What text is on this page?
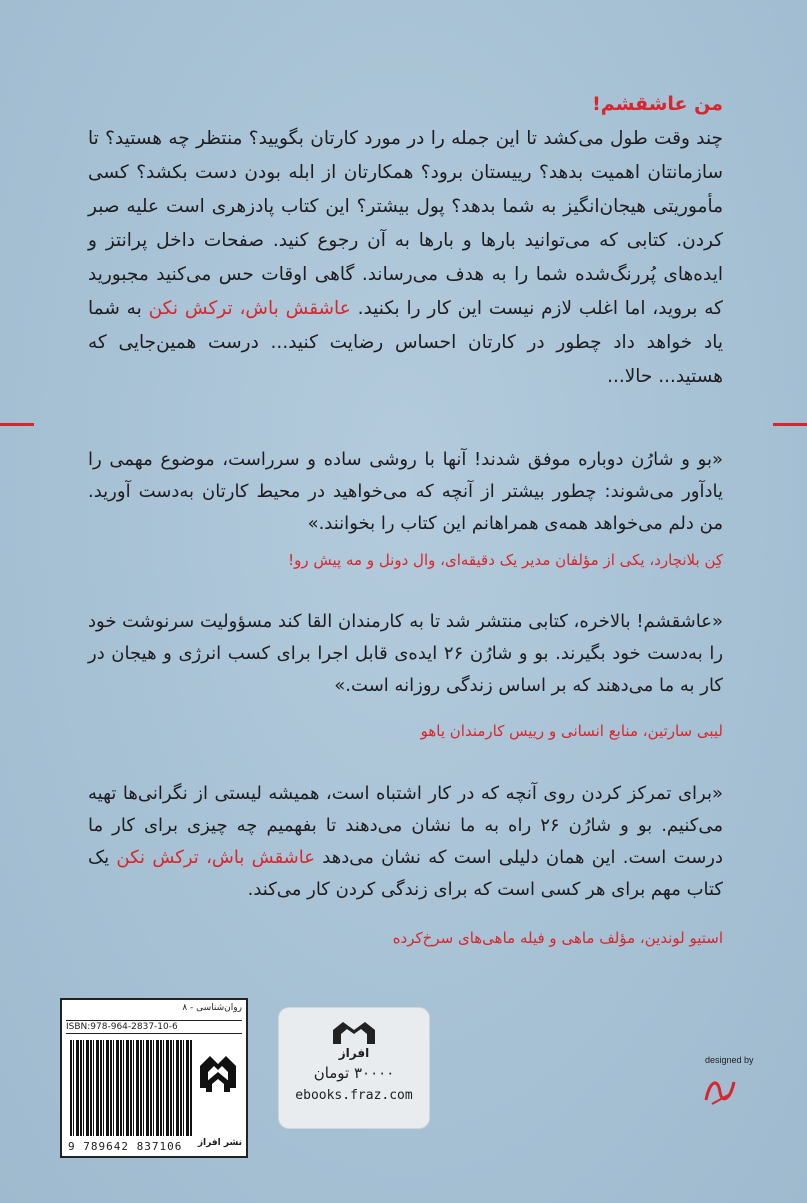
من عاشقشم!
چند وقت طول می‌کشد تا این جمله را در مورد کارتان بگویید؟ منتظر چه هستید؟ تا سازمانتان اهمیت بدهد؟ رییستان برود؟ همکارتان از ابله بودن دست بکشد؟ کسی مأموریتی هیجان‌انگیز به شما بدهد؟ پول بیشتر؟ این کتاب پادزهری است علیه صبر کردن. کتابی که می‌توانید بارها و بارها به آن رجوع کنید. صفحات داخل پرانتز و ایده‌های پُررنگ‌شده شما را به هدف می‌رساند. گاهی اوقات حس می‌کنید مجبورید که بروید، اما اغلب لازم نیست این کار را بکنید. عاشقش باش، ترکش نکن به شما یاد خواهد داد چطور در کارتان احساس رضایت کنید... درست همین‌جایی که هستید... حالا...
«بو و شارُن دوباره موفق شدند! آنها با روشی ساده و سرراست، موضوع مهمی را یادآور می‌شوند: چطور بیشتر از آنچه که می‌خواهید در محیط کارتان به‌دست آورید. من دلم می‌خواهد همه‌ی همراهانم این کتاب را بخوانند.»
کِن بلانچارد، یکی از مؤلفان مدیر یک دقیقه‌ای، وال دونل و مه پیش رو!
«عاشقشم! بالاخره، کتابی منتشر شد تا به کارمندان القا کند مسؤولیت سرنوشت خود را به‌دست خود بگیرند. بو و شارُن ۲۶ ایده‌ی قابل اجرا برای کسب انرژی و هیجان در کار به ما می‌دهند که بر اساس زندگی روزانه است.»
لیبی سارتین، منابع انسانی و رییس کارمندان یاهو
«برای تمرکز کردن روی آنچه که در کار اشتباه است، همیشه لیستی از نگرانی‌ها تهیه می‌کنیم. بو و شارُن ۲۶ راه به ما نشان می‌دهند تا بفهمیم چه چیزی برای کار ما درست است. این همان دلیلی است که نشان می‌دهد عاشقش باش، ترکش نکن یک کتاب مهم برای هر کسی است که برای زندگی کردن کار می‌کند.
استیو لوندین، مؤلف ماهی و فیله ماهی‌های سرخ‌کرده
روان‌شناسی - ۸
ISBN:978-964-2837-10-6
نشر افراز
9 789642 837106
افراز
۳۰۰۰۰ تومان
ebooks.fraz.com
designed by
